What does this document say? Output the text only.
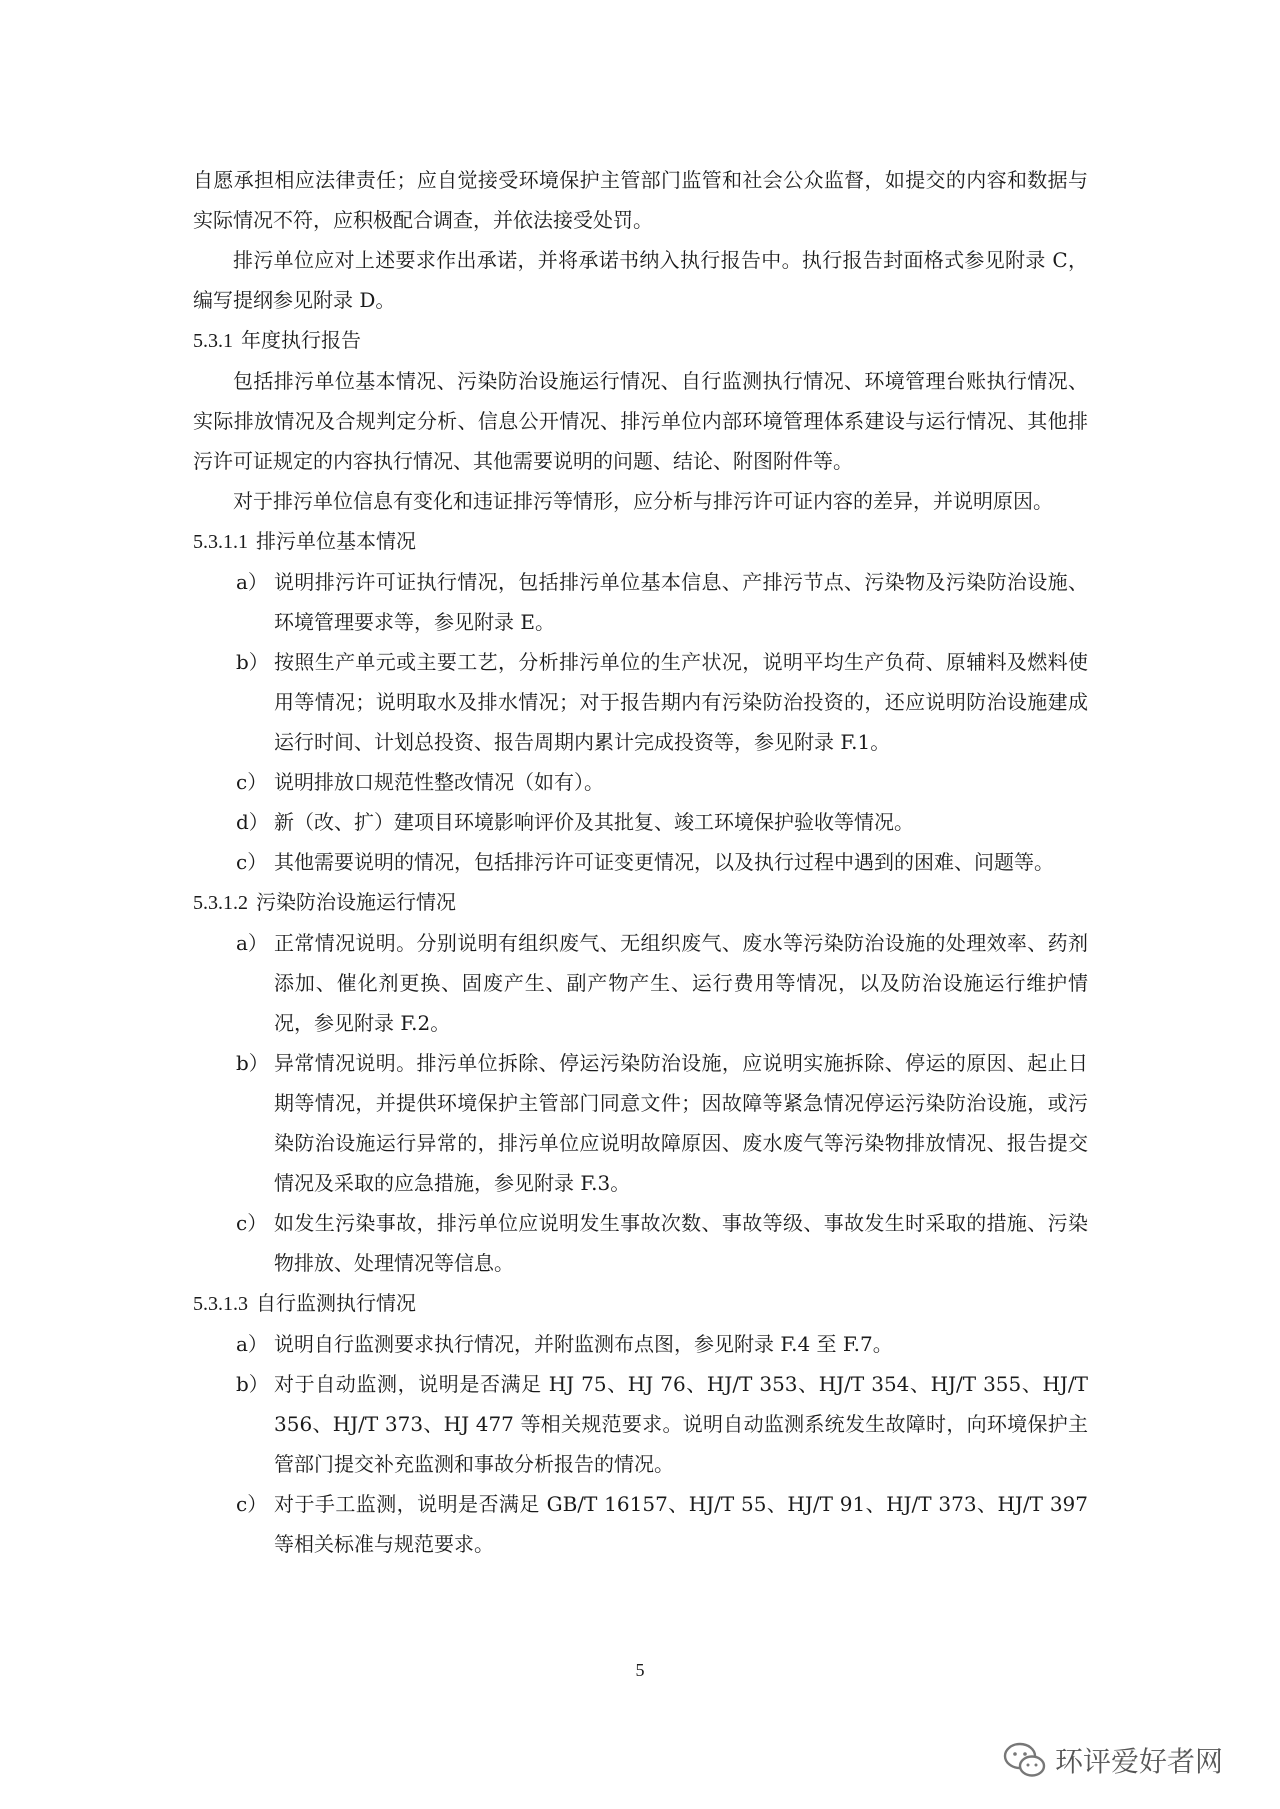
自愿承担相应法律责任；应自觉接受环境保护主管部门监管和社会公众监督，如提交的内容和数据与实际情况不符，应积极配合调查，并依法接受处罚。

排污单位应对上述要求作出承诺，并将承诺书纳入执行报告中。执行报告封面格式参见附录 C，编写提纲参见附录 D。

5.3.1 年度执行报告

包括排污单位基本情况、污染防治设施运行情况、自行监测执行情况、环境管理台账执行情况、实际排放情况及合规判定分析、信息公开情况、排污单位内部环境管理体系建设与运行情况、其他排污许可证规定的内容执行情况、其他需要说明的问题、结论、附图附件等。

对于排污单位信息有变化和违证排污等情形，应分析与排污许可证内容的差异，并说明原因。

5.3.1.1 排污单位基本情况
a） 说明排污许可证执行情况，包括排污单位基本信息、产排污节点、污染物及污染防治设施、环境管理要求等，参见附录 E。
b） 按照生产单元或主要工艺，分析排污单位的生产状况，说明平均生产负荷、原辅料及燃料使用等情况；说明取水及排水情况；对于报告期内有污染防治投资的，还应说明防治设施建成运行时间、计划总投资、报告周期内累计完成投资等，参见附录 F.1。
c） 说明排放口规范性整改情况（如有）。
d） 新（改、扩）建项目环境影响评价及其批复、竣工环境保护验收等情况。
c） 其他需要说明的情况，包括排污许可证变更情况，以及执行过程中遇到的困难、问题等。
5.3.1.2 污染防治设施运行情况
a） 正常情况说明。分别说明有组织废气、无组织废气、废水等污染防治设施的处理效率、药剂添加、催化剂更换、固废产生、副产物产生、运行费用等情况，以及防治设施运行维护情况，参见附录 F.2。
b） 异常情况说明。排污单位拆除、停运污染防治设施，应说明实施拆除、停运的原因、起止日期等情况，并提供环境保护主管部门同意文件；因故障等紧急情况停运污染防治设施，或污染防治设施运行异常的，排污单位应说明故障原因、废水废气等污染物排放情况、报告提交情况及采取的应急措施，参见附录 F.3。
c） 如发生污染事故，排污单位应说明发生事故次数、事故等级、事故发生时采取的措施、污染物排放、处理情况等信息。
5.3.1.3 自行监测执行情况
a） 说明自行监测要求执行情况，并附监测布点图，参见附录 F.4 至 F.7。
b） 对于自动监测，说明是否满足 HJ 75、HJ 76、HJ/T 353、HJ/T 354、HJ/T 355、HJ/T 356、HJ/T 373、HJ 477 等相关规范要求。说明自动监测系统发生故障时，向环境保护主管部门提交补充监测和事故分析报告的情况。
c） 对于手工监测，说明是否满足 GB/T 16157、HJ/T 55、HJ/T 91、HJ/T 373、HJ/T 397 等相关标准与规范要求。
5
环评爱好者网
